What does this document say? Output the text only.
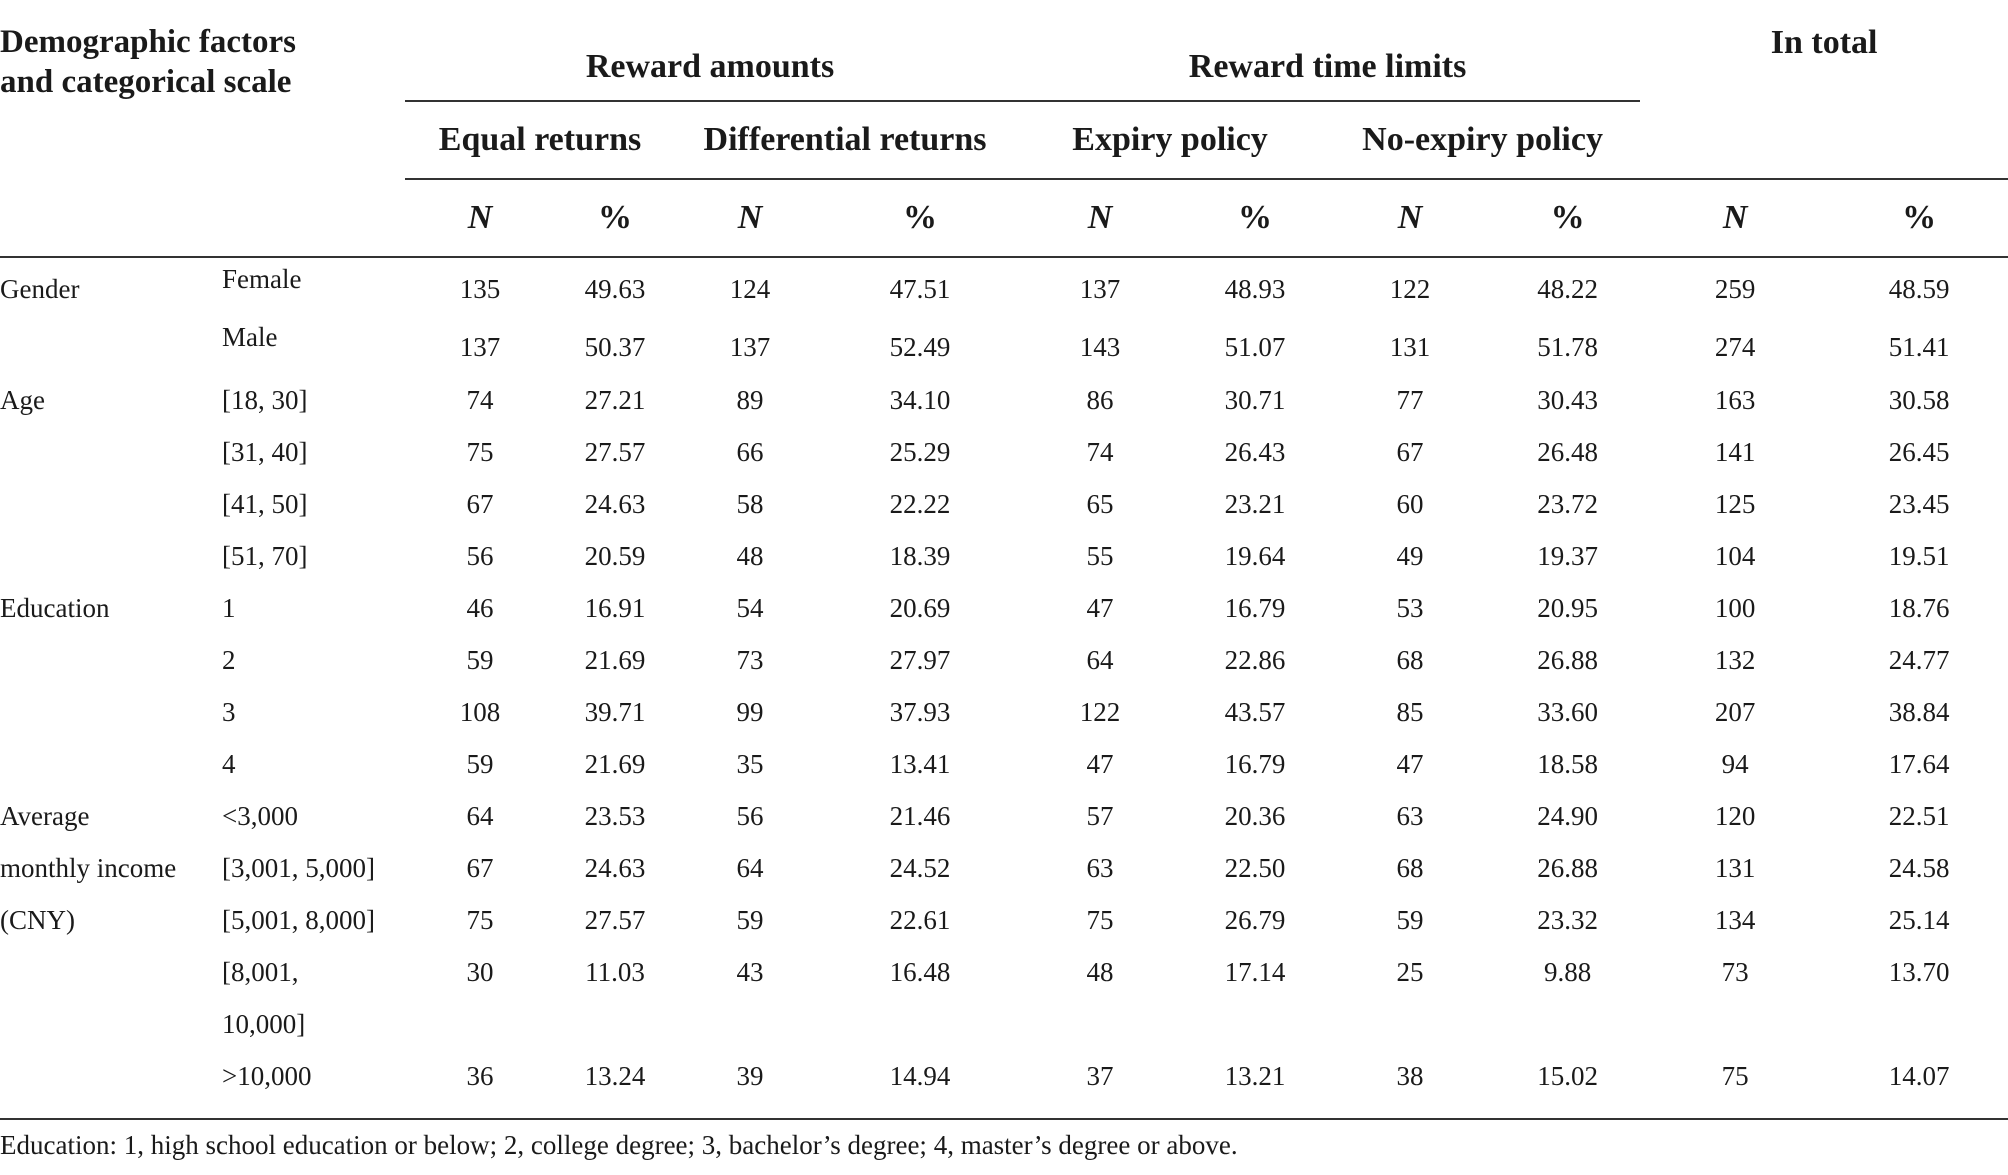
Demographic factors
and categorical scale		Reward amounts				Reward time limits				In total	
		Equal returns		Differential returns		Expiry policy		No-expiry policy			
		N	%	N	%	N	%	N	%	N	%
Gender	Female	135	49.63	124	47.51	137	48.93	122	48.22	259	48.59
	Male	137	50.37	137	52.49	143	51.07	131	51.78	274	51.41
Age	[18, 30]	74	27.21	89	34.10	86	30.71	77	30.43	163	30.58
	[31, 40]	75	27.57	66	25.29	74	26.43	67	26.48	141	26.45
	[41, 50]	67	24.63	58	22.22	65	23.21	60	23.72	125	23.45
	[51, 70]	56	20.59	48	18.39	55	19.64	49	19.37	104	19.51
Education	1	46	16.91	54	20.69	47	16.79	53	20.95	100	18.76
	2	59	21.69	73	27.97	64	22.86	68	26.88	132	24.77
	3	108	39.71	99	37.93	122	43.57	85	33.60	207	38.84
	4	59	21.69	35	13.41	47	16.79	47	18.58	94	17.64
Average	<3,000	64	23.53	56	21.46	57	20.36	63	24.90	120	22.51
monthly income	[3,001, 5,000]	67	24.63	64	24.52	63	22.50	68	26.88	131	24.58
(CNY)	[5,001, 8,000]	75	27.57	59	22.61	75	26.79	59	23.32	134	25.14
	[8,001,	30	11.03	43	16.48	48	17.14	25	9.88	73	13.70
	10,000]										
	>10,000	36	13.24	39	14.94	37	13.21	38	15.02	75	14.07
Education: 1, high school education or below; 2, college degree; 3, bachelor’s degree; 4, master’s degree or above.
